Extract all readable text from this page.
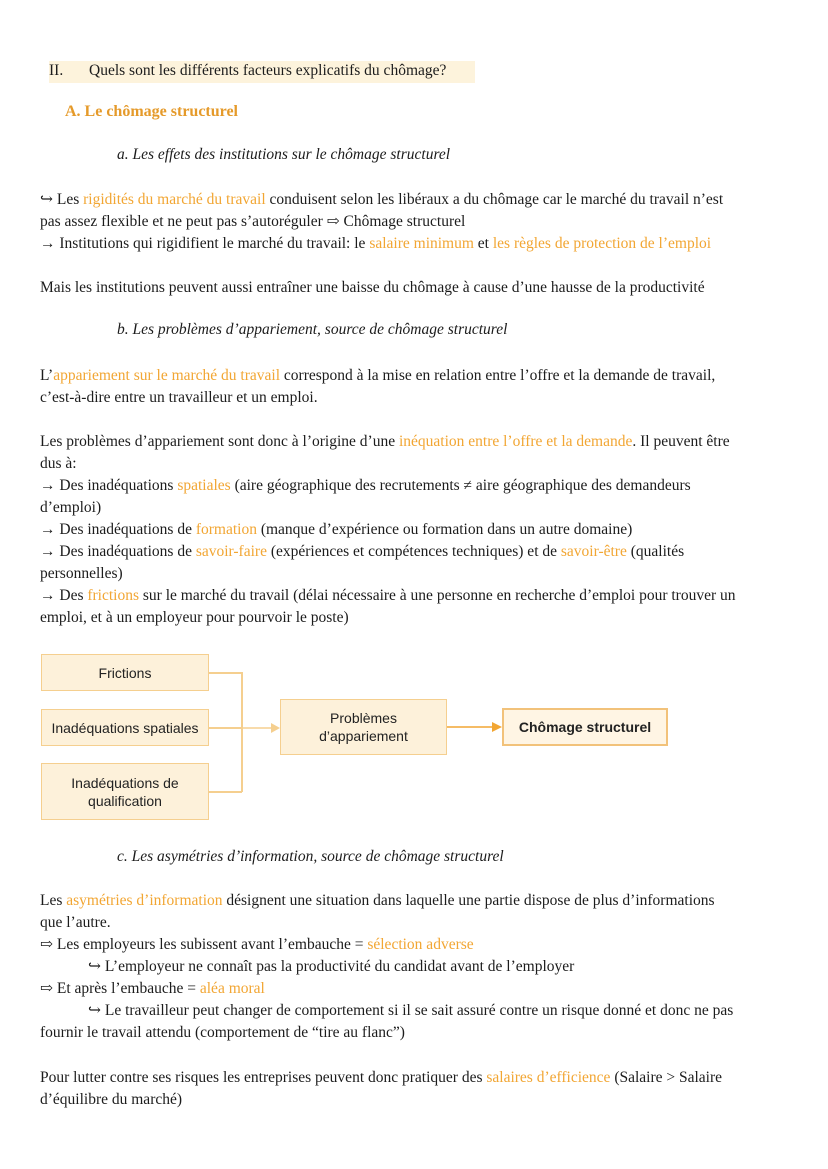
II. Quels sont les différents facteurs explicatifs du chômage?
A. Le chômage structurel
a. Les effets des institutions sur le chômage structurel
↪ Les rigidités du marché du travail conduisent selon les libéraux a du chômage car le marché du travail n’est
pas assez flexible et ne peut pas s’autoréguler ⇨ Chômage structurel
→ Institutions qui rigidifient le marché du travail: le salaire minimum et les règles de protection de l’emploi
Mais les institutions peuvent aussi entraîner une baisse du chômage à cause d’une hausse de la productivité
b. Les problèmes d’appariement, source de chômage structurel
L’appariement sur le marché du travail correspond à la mise en relation entre l’offre et la demande de travail,
c’est-à-dire entre un travailleur et un emploi.
Les problèmes d’appariement sont donc à l’origine d’une inéquation entre l’offre et la demande. Il peuvent être
dus à:
→ Des inadéquations spatiales (aire géographique des recrutements ≠ aire géographique des demandeurs
d’emploi)
→ Des inadéquations de formation (manque d’expérience ou formation dans un autre domaine)
→ Des inadéquations de savoir-faire (expériences et compétences techniques) et de savoir-être (qualités
personnelles)
→ Des frictions sur le marché du travail (délai nécessaire à une personne en recherche d’emploi pour trouver un
emploi, et à un employeur pour pourvoir le poste)
Frictions
Inadéquations spatiales
Inadéquations de
qualification
Problèmes
d’appariement
Chômage structurel
c. Les asymétries d’information, source de chômage structurel
Les asymétries d’information désignent une situation dans laquelle une partie dispose de plus d’informations
que l’autre.
⇨ Les employeurs les subissent avant l’embauche = sélection adverse
↪ L’employeur ne connaît pas la productivité du candidat avant de l’employer
⇨ Et après l’embauche = aléa moral
↪ Le travailleur peut changer de comportement si il se sait assuré contre un risque donné et donc ne pas
fournir le travail attendu (comportement de “tire au flanc”)
Pour lutter contre ses risques les entreprises peuvent donc pratiquer des salaires d’efficience (Salaire > Salaire
d’équilibre du marché)
